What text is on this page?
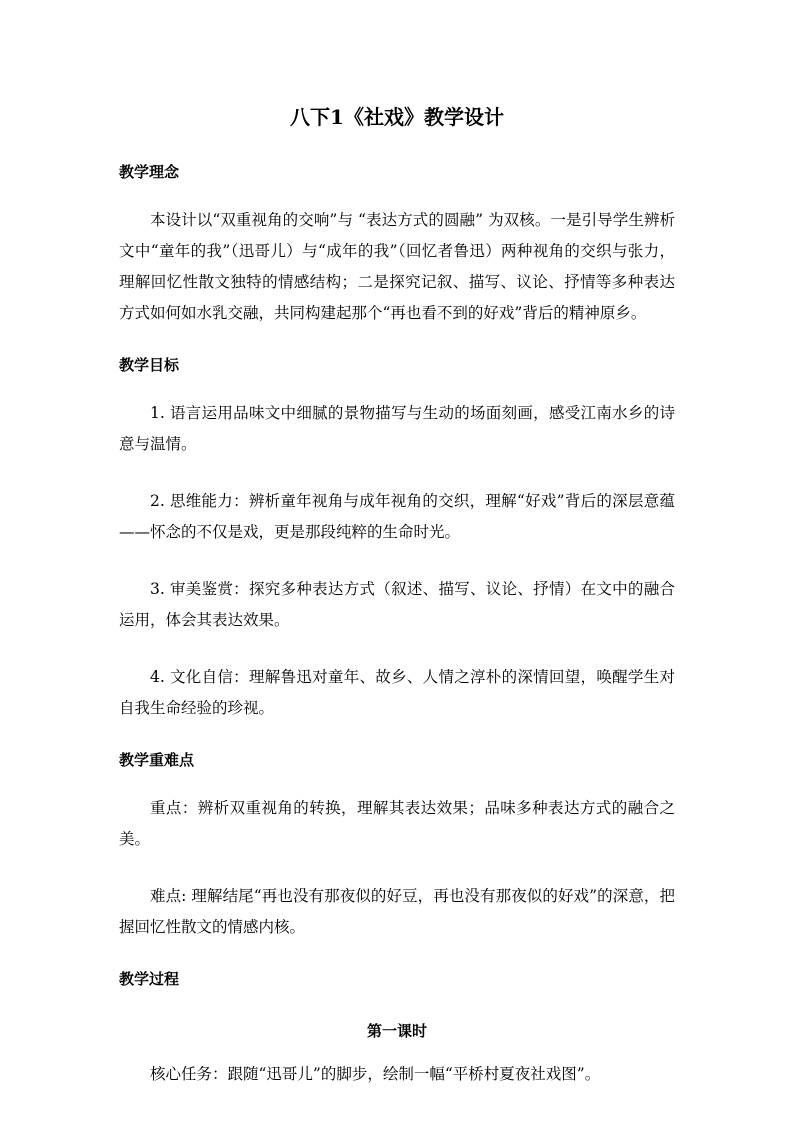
八下1《社戏》教学设计
教学理念

本设计以“双重视角的交响”与 “表达方式的圆融” 为双核。一是引导学生辨析文中“童年的我”（迅哥儿）与“成年的我”（回忆者鲁迅）两种视角的交织与张力，理解回忆性散文独特的情感结构；二是探究记叙、描写、议论、抒情等多种表达方式如何如水乳交融，共同构建起那个“再也看不到的好戏”背后的精神原乡。

教学目标

1. 语言运用品味文中细腻的景物描写与生动的场面刻画，感受江南水乡的诗意与温情。

2. 思维能力：辨析童年视角与成年视角的交织，理解“好戏”背后的深层意蕴——怀念的不仅是戏，更是那段纯粹的生命时光。

3. 审美鉴赏：探究多种表达方式（叙述、描写、议论、抒情）在文中的融合运用，体会其表达效果。

4. 文化自信：理解鲁迅对童年、故乡、人情之淳朴的深情回望，唤醒学生对自我生命经验的珍视。

教学重难点

重点：辨析双重视角的转换，理解其表达效果；品味多种表达方式的融合之美。

难点: 理解结尾“再也没有那夜似的好豆，再也没有那夜似的好戏”的深意，把握回忆性散文的情感内核。

教学过程
第一课时

核心任务：跟随“迅哥儿”的脚步，绘制一幅“平桥村夏夜社戏图”。
